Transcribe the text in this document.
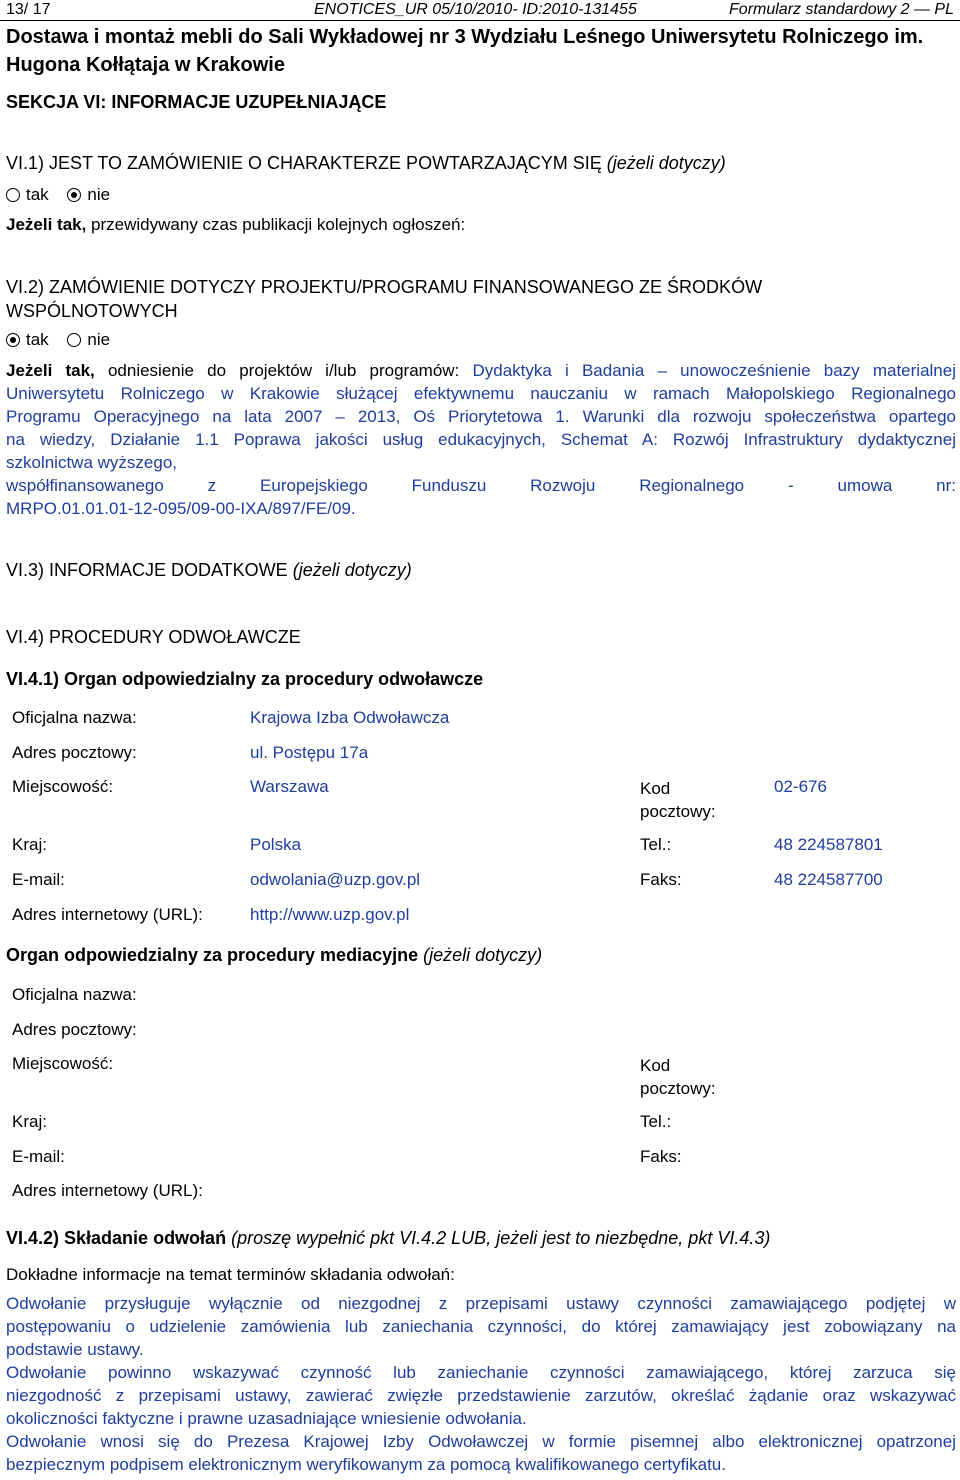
13/ 17	ENOTICES_UR 05/10/2010- ID:2010-131455	Formularz standardowy 2 — PL
Dostawa i montaż mebli do Sali Wykładowej nr 3 Wydziału Leśnego Uniwersytetu Rolniczego im. Hugona Kołłątaja w Krakowie
SEKCJA VI: INFORMACJE UZUPEŁNIAJĄCE
VI.1) JEST TO ZAMÓWIENIE O CHARAKTERZE POWTARZAJĄCYM SIĘ (jeżeli dotyczy)
tak nie
Jeżeli tak, przewidywany czas publikacji kolejnych ogłoszeń:
VI.2) ZAMÓWIENIE DOTYCZY PROJEKTU/PROGRAMU FINANSOWANEGO ZE ŚRODKÓW
WSPÓLNOTOWYCH
tak nie
Jeżeli tak, odniesienie do projektów i/lub programów: Dydaktyka i Badania – unowocześnienie bazy materialnej
Uniwersytetu Rolniczego w Krakowie służącej efektywnemu nauczaniu w ramach Małopolskiego Regionalnego
Programu Operacyjnego na lata 2007 – 2013, Oś Priorytetowa 1. Warunki dla rozwoju społeczeństwa opartego
na wiedzy, Działanie 1.1 Poprawa jakości usług edukacyjnych, Schemat A: Rozwój Infrastruktury dydaktycznej
szkolnictwa wyższego,
współfinansowanego z Europejskiego Funduszu Rozwoju Regionalnego - umowa nr:
MRPO.01.01.01-12-095/09-00-IXA/897/FE/09.
VI.3) INFORMACJE DODATKOWE (jeżeli dotyczy)
VI.4) PROCEDURY ODWOŁAWCZE
VI.4.1) Organ odpowiedzialny za procedury odwoławcze
Oficjalna nazwa:	Krajowa Izba Odwoławcza
Adres pocztowy:	ul. Postępu 17a
Miejscowość:	Warszawa	Kod
pocztowy:
02-676
Kraj:	Polska	Tel.:	48 224587801
E-mail:	odwolania@uzp.gov.pl	Faks:	48 224587700
Adres internetowy (URL):	http://www.uzp.gov.pl
Organ odpowiedzialny za procedury mediacyjne (jeżeli dotyczy)
Oficjalna nazwa:
Adres pocztowy:
Miejscowość:	Kod
pocztowy:
Kraj:	Tel.:
E-mail:	Faks:
Adres internetowy (URL):
VI.4.2) Składanie odwołań (proszę wypełnić pkt VI.4.2 LUB, jeżeli jest to niezbędne, pkt VI.4.3)
Dokładne informacje na temat terminów składania odwołań:
Odwołanie przysługuje wyłącznie od niezgodnej z przepisami ustawy czynności zamawiającego podjętej w
postępowaniu o udzielenie zamówienia lub zaniechania czynności, do której zamawiający jest zobowiązany na
podstawie ustawy.
Odwołanie powinno wskazywać czynność lub zaniechanie czynności zamawiającego, której zarzuca się
niezgodność z przepisami ustawy, zawierać zwięzłe przedstawienie zarzutów, określać żądanie oraz wskazywać
okoliczności faktyczne i prawne uzasadniające wniesienie odwołania.
Odwołanie wnosi się do Prezesa Krajowej Izby Odwoławczej w formie pisemnej albo elektronicznej opatrzonej
bezpiecznym podpisem elektronicznym weryfikowanym za pomocą kwalifikowanego certyfikatu.
